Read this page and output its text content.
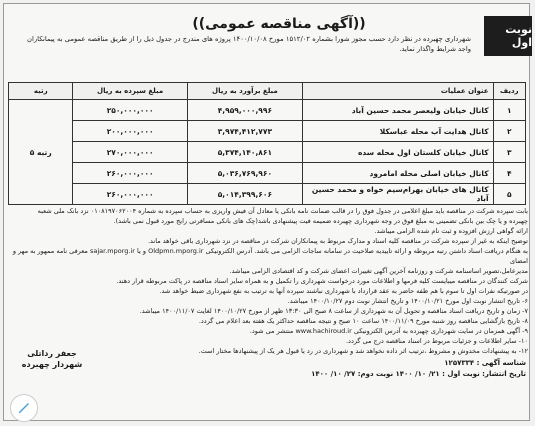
نوبت اول
((آگهی مناقصه عمومی))
شهرداری چهبرده در نظر دارد حسب مجوز شورا بشماره ۱۵۱۲/۰۲ مورخ ۱۴۰۰/۱۰/۰۸ پروژه های مندرج در جدول ذیل را از طریق مناقصه عمومی به پیمانکاران واجد شرایط واگذار نماید.
ردیف	عنوان عملیات	مبلغ برآورد به ریال	مبلغ سپرده به ریال	رتبه
۱	کانال خیابان ولیعصر محمد حسین آباد	۴,۹۵۹,۰۰۰,۹۹۶	۲۵۰,۰۰۰,۰۰۰	رتبه ۵
۲	کانال هدایت آب محله عباسکلا	۳,۹۷۴,۴۱۲,۷۷۳	۲۰۰,۰۰۰,۰۰۰	
۳	کانال خیابان کلستان اول محله سده	۵,۳۷۴,۱۴۰,۸۶۱	۲۷۰,۰۰۰,۰۰۰	
۴	کانال خیابان اصلی محله امامرود	۵,۰۳۶,۷۶۹,۹۶۰	۲۶۰,۰۰۰,۰۰۰	
۵	کانال های خیابان بهرام‌سیم خواه و محمد حسین آباد	۵,۰۱۴,۳۹۹,۶۰۶	۲۶۰,۰۰۰,۰۰۰	

بابت سپرده شرکت در مناقصه باید مبلغ اعلامی در جدول فوق را در قالب ضمانت نامه بانکی یا معادل آن فیش واریزی به حساب سپرده به شماره ۰۱۰۸۱۹۷۰۶۲۰۰۴ نزد بانک ملی شعبه

چهبرده و یا چک بین بانکی تضمینی به مبلغ فوق در وجه شهرداری چهبرده ضمیمه فیت پیشنهادی باشد(چک های بانکی مسافرتی رایج مورد قبول نمی باشد).

ارائه گواهی ارزش افزوده و ثبت نام شده الزامی میباشد.

توضیح اینکه به غیر از سپرده شرکت در مناقصه کلیه اسناد و مدارک مربوط به پیمانکاران شرکت در مناقصه در نزد شهرداری باقی خواهد ماند.

به هنگام دریافت اسناد داشتن رتبه مربوطه و ارائه تاییدیه صلاحیت در سامانه ساجات الزامی می باشد. آدرس الکترونیکی Oldpmn.mporg.ir و یا sajar.mporg.ir معرفی نامه ممهور به مهر و امضای

مدیرعامل،تصویر اساسنامه شرکت و روزنامه آخرین آگهی تغییرات اعضای شرکت و کد اقتصادی الزامی میباشد.

شرکت کنندگان در مناقصه میبایست کلیه فرمها و اطلاعات مورد درخواست شهرداری را تکمیل و به همراه سایر اسناد مناقصه در پاکت مربوطه قرار دهند.

در صورتیکه نفرات اول تا سوم با هم ظفه حاضر به عقد قرارداد با شهرداری نباشند سپرده آنها به ترتیب به نفع شهرداری ضبط خواهد شد.

۶- تاریخ انتشار نوبت اول مورخ ۱۴۰۰/۱۰/۲۱ و تاریخ انتشار نوبت دوم ۱۴۰۰/۱۰/۲۷ میباشد.

۷- زمان و تاریخ دریافت اسناد مناقصه و تحویل آن به شهرداری از ساعت ۸ صبح الی ۱۳:۳۰ ظهر از مورخ ۱۴۰۰/۱۰/۲۷ لغایت ۱۴۰۰/۱۱/۰۷ میباشد.

۸- تاریخ بازگشایی مناقصه روز شنبه مورخ ۱۴۰۰/۱۱/۰۹ ساعت ۱۰ صبح و نتیجه مناقصه حداکثر یک هفته بعد اعلام می گردد.

۹- آگهی همزمان در سایت شهرداری چهبرده به آدرس الکترونیکی www.hachiroud.ir منتشر می شود.

۱۰- سایر اطلاعات و جزئیات مربوط در اسناد مناقصه درج می گردد.

۱۲- به پیشنهادات مخدوش و مشروط ،ترتیب اثر داده نخواهد شد و شهرداری در رد یا قبول هر یک از پیشنهادها مختار است.

جعفر رداتلی
شهردار چهبرده	شناسه آگهی : ۱۲۵۷۳۳۴
تاریخ انتشار: نوبت اول : ۲۱/ ۱۰/ ۱۴۰۰ نوبت دوم: ۲۷/ ۱۰/ ۱۴۰۰
